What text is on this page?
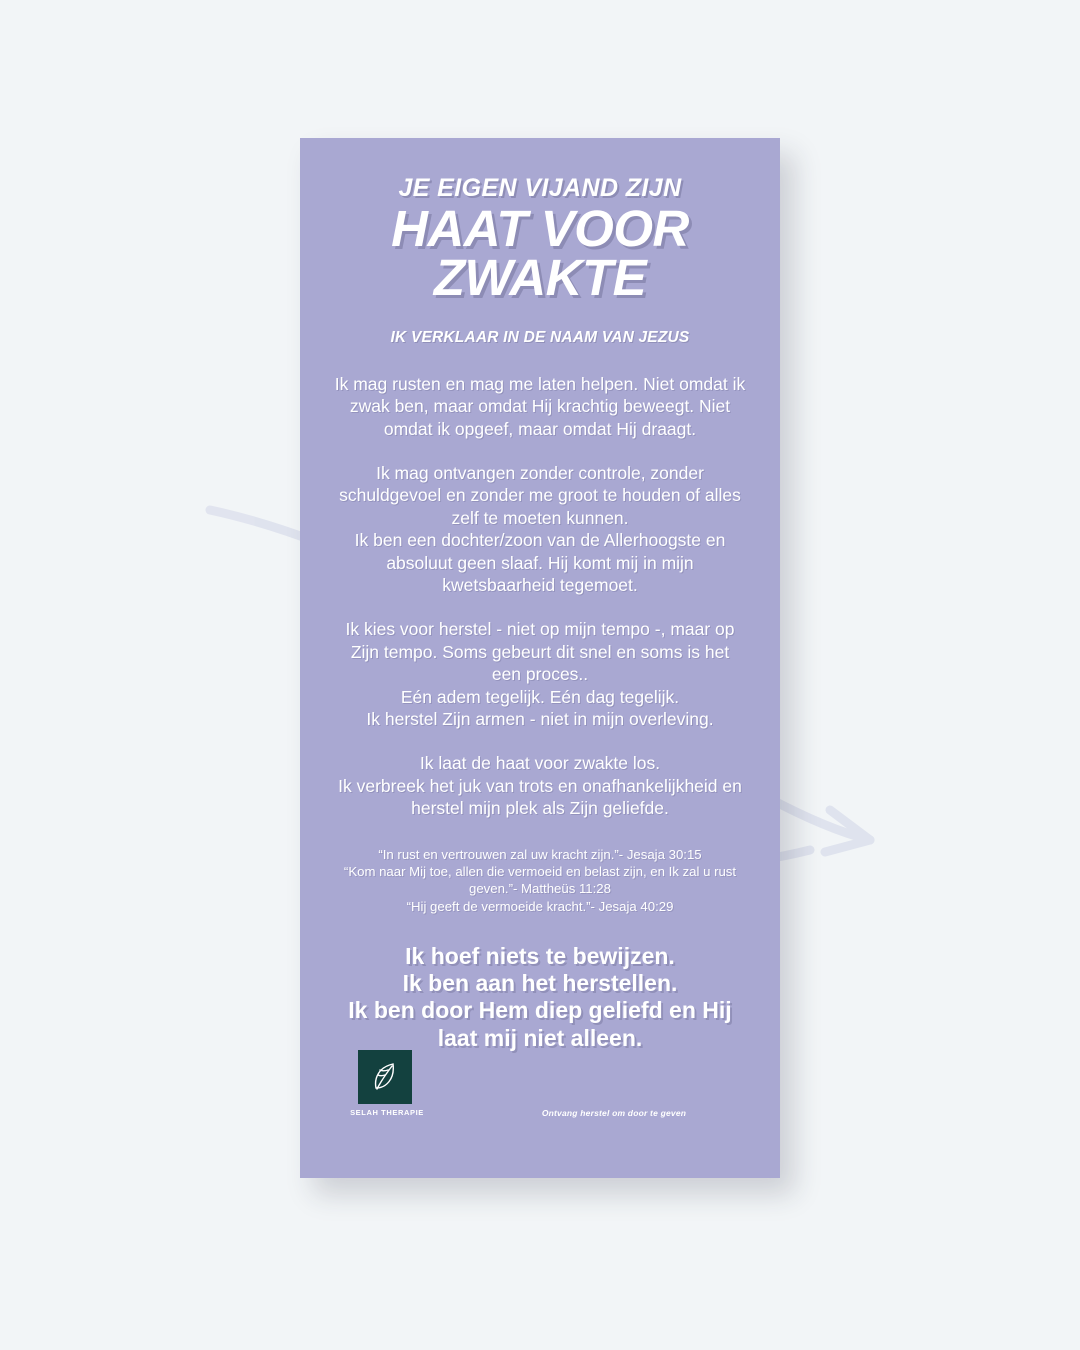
JE EIGEN VIJAND ZIJN
HAAT VOOR ZWAKTE
IK VERKLAAR IN DE NAAM VAN JEZUS
Ik mag rusten en mag me laten helpen. Niet omdat ik zwak ben, maar omdat Hij krachtig beweegt. Niet omdat ik opgeef, maar omdat Hij draagt.
Ik mag ontvangen zonder controle, zonder schuldgevoel en zonder me groot te houden of alles zelf te moeten kunnen.
Ik ben een dochter/zoon van de Allerhoogste en absoluut geen slaaf. Hij komt mij in mijn kwetsbaarheid tegemoet.
Ik kies voor herstel - niet op mijn tempo -, maar op Zijn tempo. Soms gebeurt dit snel en soms is het een proces..
Eén adem tegelijk. Eén dag tegelijk.
Ik herstel Zijn armen - niet in mijn overleving.
Ik laat de haat voor zwakte los.
Ik verbreek het juk van trots en onafhankelijkheid en herstel mijn plek als Zijn geliefde.
“In rust en vertrouwen zal uw kracht zijn.”- Jesaja 30:15
“Kom naar Mij toe, allen die vermoeid en belast zijn, en Ik zal u rust geven.”- Mattheüs 11:28
“Hij geeft de vermoeide kracht.”- Jesaja 40:29
Ik hoef niets te bewijzen.
Ik ben aan het herstellen.
Ik ben door Hem diep geliefd en Hij laat mij niet alleen.
SELAH THERAPIE	Ontvang herstel om door te geven
